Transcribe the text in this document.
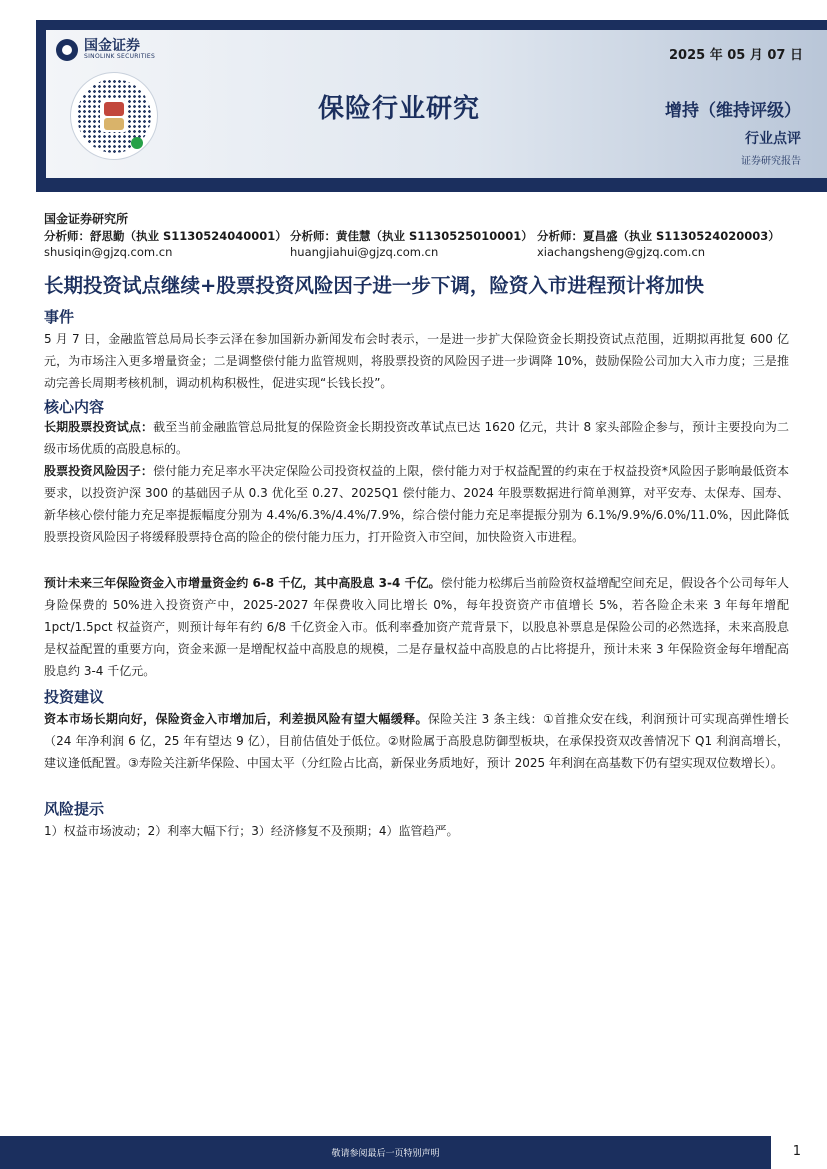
国金证券
SINOLINK SECURITIES	2025 年 05 月 07 日
保险行业研究	增持（维持评级）
行业点评
证券研究报告
国金证券研究所
分析师：舒思勤（执业 S1130524040001） 分析师：黄佳慧（执业 S1130525010001） 分析师：夏昌盛（执业 S1130524020003）
shusiqin@gjzq.com.cn	huangjiahui@gjzq.com.cn	xiachangsheng@gjzq.com.cn
长期投资试点继续+股票投资风险因子进一步下调，险资入市进程预计将加快
事件
5 月 7 日，金融监管总局局长李云泽在参加国新办新闻发布会时表示，一是进一步扩大保险资金长期投资试点范围，近期拟再批复 600 亿元，为市场注入更多增量资金；二是调整偿付能力监管规则，将股票投资的风险因子进一步调降 10%，鼓励保险公司加大入市力度；三是推动完善长周期考核机制，调动机构积极性，促进实现“长钱长投”。
核心内容
长期股票投资试点：截至当前金融监管总局批复的保险资金长期投资改革试点已达 1620 亿元，共计 8 家头部险企参与，预计主要投向为二级市场优质的高股息标的。
股票投资风险因子：偿付能力充足率水平决定保险公司投资权益的上限，偿付能力对于权益配置的约束在于权益投资*风险因子影响最低资本要求，以投资沪深 300 的基础因子从 0.3 优化至 0.27、2025Q1 偿付能力、2024 年股票数据进行简单测算，对平安寿、太保寿、国寿、新华核心偿付能力充足率提振幅度分别为 4.4%/6.3%/4.4%/7.9%，综合偿付能力充足率提振分别为 6.1%/9.9%/6.0%/11.0%，因此降低股票投资风险因子将缓释股票持仓高的险企的偿付能力压力，打开险资入市空间，加快险资入市进程。
预计未来三年保险资金入市增量资金约 6-8 千亿，其中高股息 3-4 千亿。偿付能力松绑后当前险资权益增配空间充足，假设各个公司每年人身险保费的 50%进入投资资产中，2025-2027 年保费收入同比增长 0%，每年投资资产市值增长 5%，若各险企未来 3 年每年增配 1pct/1.5pct 权益资产，则预计每年有约 6/8 千亿资金入市。低利率叠加资产荒背景下，以股息补票息是保险公司的必然选择，未来高股息是权益配置的重要方向，资金来源一是增配权益中高股息的规模，二是存量权益中高股息的占比将提升，预计未来 3 年保险资金每年增配高股息约 3-4 千亿元。
投资建议
资本市场长期向好，保险资金入市增加后，利差损风险有望大幅缓释。保险关注 3 条主线：①首推众安在线，利润预计可实现高弹性增长（24 年净利润 6 亿，25 年有望达 9 亿），目前估值处于低位。②财险属于高股息防御型板块，在承保投资双改善情况下 Q1 利润高增长，建议逢低配置。③寿险关注新华保险、中国太平（分红险占比高，新保业务质地好，预计 2025 年利润在高基数下仍有望实现双位数增长）。
风险提示
1）权益市场波动；2）利率大幅下行；3）经济修复不及预期；4）监管趋严。
敬请参阅最后一页特别声明	1
